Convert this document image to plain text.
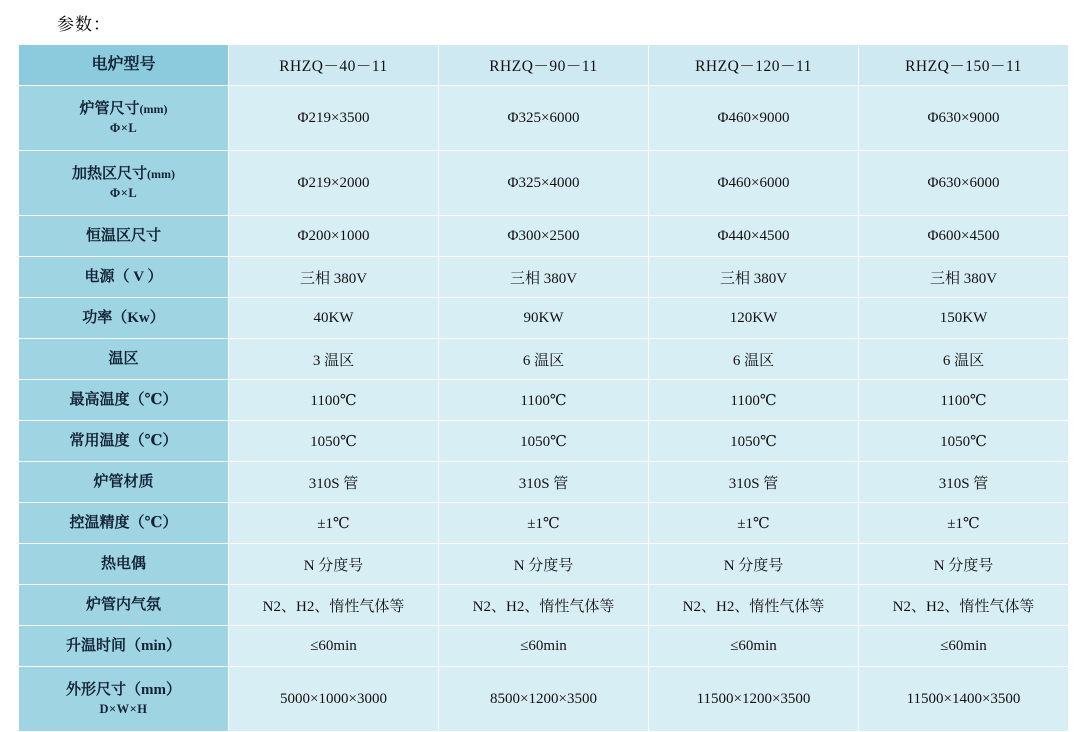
参数：
电炉型号	RHZQ－40－11	RHZQ－90－11	RHZQ－120－11	RHZQ－150－11

炉管尺寸(mm)
Φ×L	Φ219×3500	Φ325×6000	Φ460×9000	Φ630×9000

加热区尺寸(mm)
Φ×L	Φ219×2000	Φ325×4000	Φ460×6000	Φ630×6000
恒温区尺寸	Φ200×1000	Φ300×2500	Φ440×4500	Φ600×4500
电源（ V ）	三相 380V	三相 380V	三相 380V	三相 380V
功率（Kw）	40KW	90KW	120KW	150KW
温区	3 温区	6 温区	6 温区	6 温区
最高温度（℃）	1100℃	1100℃	1100℃	1100℃
常用温度（℃）	1050℃	1050℃	1050℃	1050℃
炉管材质	310S 管	310S 管	310S 管	310S 管
控温精度（℃）	±1℃	±1℃	±1℃	±1℃
热电偶	N 分度号	N 分度号	N 分度号	N 分度号
炉管内气氛	N2、H2、惰性气体等	N2、H2、惰性气体等	N2、H2、惰性气体等	N2、H2、惰性气体等
升温时间（min）	≤60min	≤60min	≤60min	≤60min

外形尺寸（mm）
D×W×H	5000×1000×3000	8500×1200×3500	11500×1200×3500	11500×1400×3500
